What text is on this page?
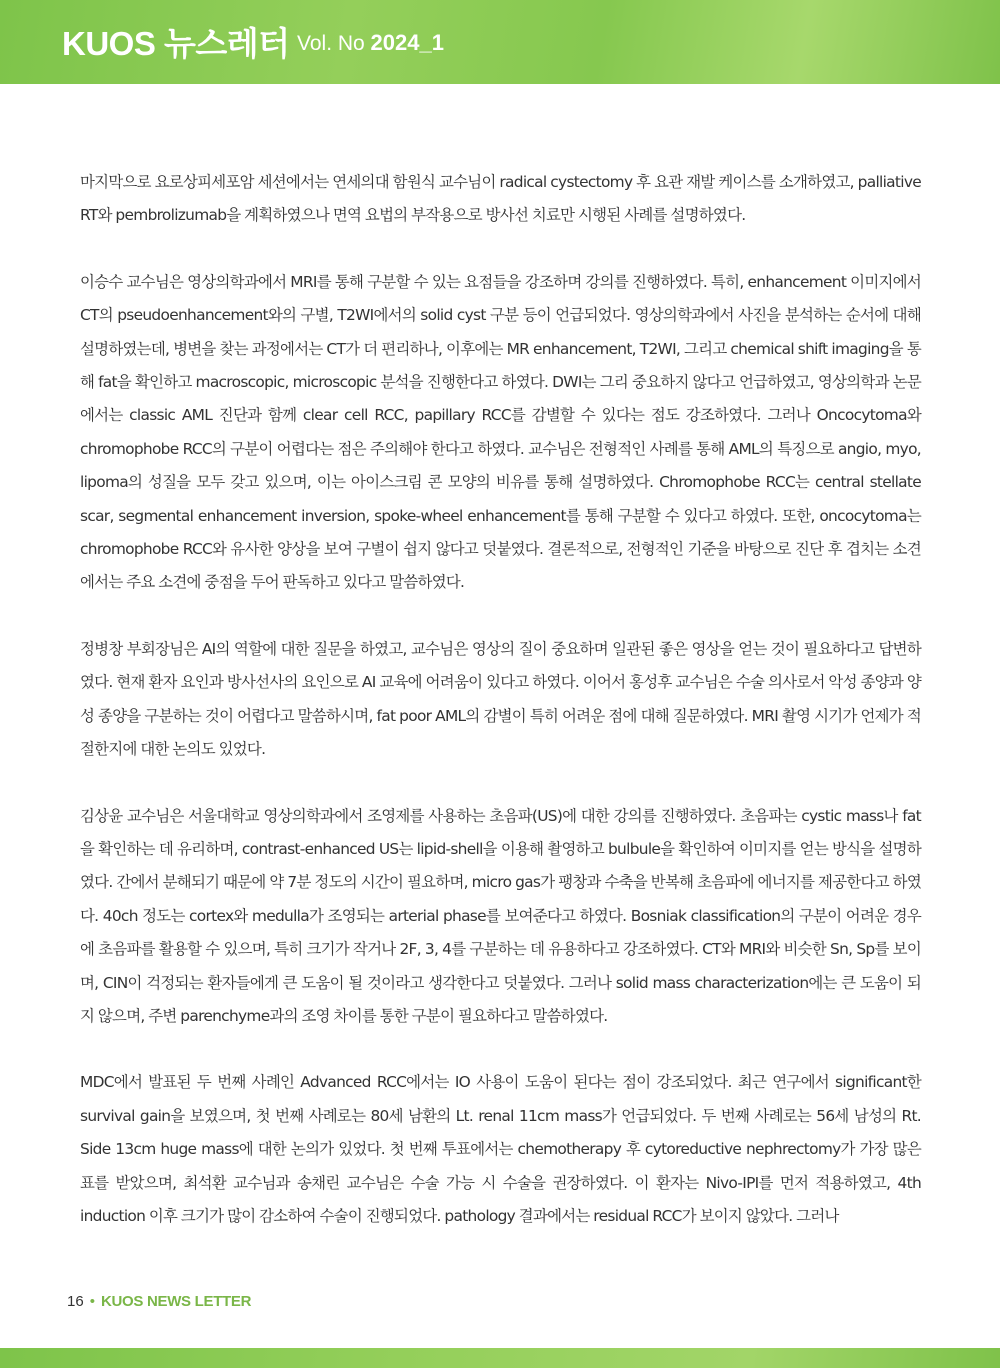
KUOS 뉴스레터 Vol. No 2024_1

마지막으로 요로상피세포암 세션에서는 연세의대 함원식 교수님이 radical cystectomy 후 요관 재발 케이스를 소개하였고, palliative RT와 pembrolizumab을 계획하였으나 면역 요법의 부작용으로 방사선 치료만 시행된 사례를 설명하였다.

이승수 교수님은 영상의학과에서 MRI를 통해 구분할 수 있는 요점들을 강조하며 강의를 진행하였다. 특히, enhancement 이미지에서 CT의 pseudoenhancement와의 구별, T2WI에서의 solid cyst 구분 등이 언급되었다. 영상의학과에서 사진을 분석하는 순서에 대해 설명하였는데, 병변을 찾는 과정에서는 CT가 더 편리하나, 이후에는 MR enhancement, T2WI, 그리고 chemical shift imaging을 통해 fat을 확인하고 macroscopic, microscopic 분석을 진행한다고 하였다. DWI는 그리 중요하지 않다고 언급하였고, 영상의학과 논문에서는 classic AML 진단과 함께 clear cell RCC, papillary RCC를 감별할 수 있다는 점도 강조하였다. 그러나 Oncocytoma와 chromophobe RCC의 구분이 어렵다는 점은 주의해야 한다고 하였다. 교수님은 전형적인 사례를 통해 AML의 특징으로 angio, myo, lipoma의 성질을 모두 갖고 있으며, 이는 아이스크림 콘 모양의 비유를 통해 설명하였다. Chromophobe RCC는 central stellate scar, segmental enhancement inversion, spoke-wheel enhancement를 통해 구분할 수 있다고 하였다. 또한, oncocytoma는 chromophobe RCC와 유사한 양상을 보여 구별이 쉽지 않다고 덧붙였다. 결론적으로, 전형적인 기준을 바탕으로 진단 후 겹치는 소견에서는 주요 소견에 중점을 두어 판독하고 있다고 말씀하였다.

정병창 부회장님은 AI의 역할에 대한 질문을 하였고, 교수님은 영상의 질이 중요하며 일관된 좋은 영상을 얻는 것이 필요하다고 답변하였다. 현재 환자 요인과 방사선사의 요인으로 AI 교육에 어려움이 있다고 하였다. 이어서 홍성후 교수님은 수술 의사로서 악성 종양과 양성 종양을 구분하는 것이 어렵다고 말씀하시며, fat poor AML의 감별이 특히 어려운 점에 대해 질문하였다. MRI 촬영 시기가 언제가 적절한지에 대한 논의도 있었다.

김상윤 교수님은 서울대학교 영상의학과에서 조영제를 사용하는 초음파(US)에 대한 강의를 진행하였다. 초음파는 cystic mass나 fat을 확인하는 데 유리하며, contrast-enhanced US는 lipid-shell을 이용해 촬영하고 bulbule을 확인하여 이미지를 얻는 방식을 설명하였다. 간에서 분해되기 때문에 약 7분 정도의 시간이 필요하며, micro gas가 팽창과 수축을 반복해 초음파에 에너지를 제공한다고 하였다. 40ch 정도는 cortex와 medulla가 조영되는 arterial phase를 보여준다고 하였다. Bosniak classification의 구분이 어려운 경우에 초음파를 활용할 수 있으며, 특히 크기가 작거나 2F, 3, 4를 구분하는 데 유용하다고 강조하였다. CT와 MRI와 비슷한 Sn, Sp를 보이며, CIN이 걱정되는 환자들에게 큰 도움이 될 것이라고 생각한다고 덧붙였다. 그러나 solid mass characterization에는 큰 도움이 되지 않으며, 주변 parenchyme과의 조영 차이를 통한 구분이 필요하다고 말씀하였다.

MDC에서 발표된 두 번째 사례인 Advanced RCC에서는 IO 사용이 도움이 된다는 점이 강조되었다. 최근 연구에서 significant한 survival gain을 보였으며, 첫 번째 사례로는 80세 남환의 Lt. renal 11cm mass가 언급되었다. 두 번째 사례로는 56세 남성의 Rt. Side 13cm huge mass에 대한 논의가 있었다. 첫 번째 투표에서는 chemotherapy 후 cytoreductive nephrectomy가 가장 많은 표를 받았으며, 최석환 교수님과 송채린 교수님은 수술 가능 시 수술을 권장하였다. 이 환자는 Nivo-IPI를 먼저 적용하였고, 4th induction 이후 크기가 많이 감소하여 수술이 진행되었다. pathology 결과에서는 residual RCC가 보이지 않았다. 그러나

16 • KUOS NEWS LETTER
